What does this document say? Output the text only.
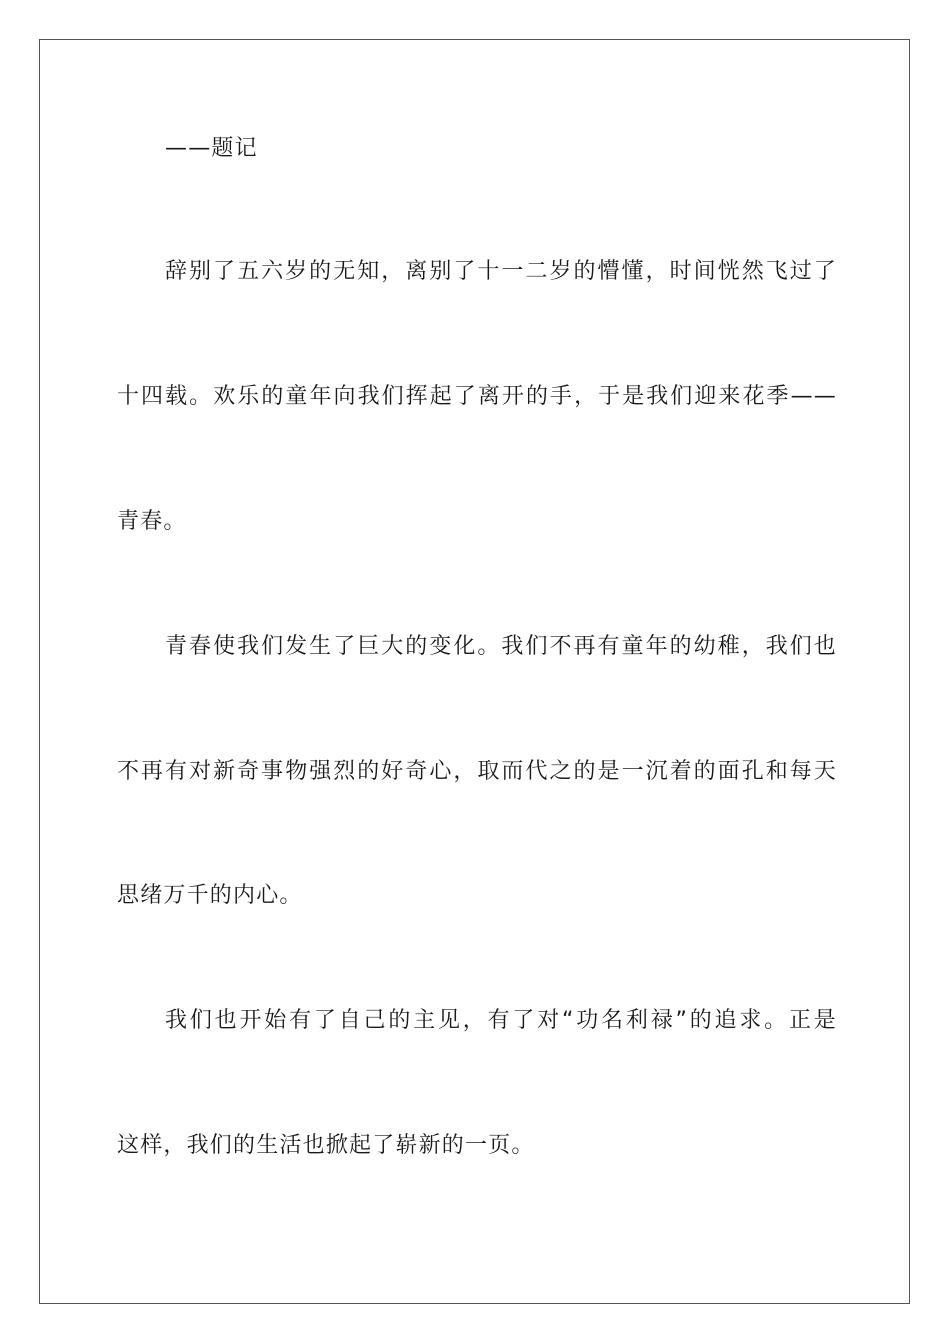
——题记
辞别了五六岁的无知，离别了十一二岁的懵懂，时间恍然飞过了
十四载。欢乐的童年向我们挥起了离开的手，于是我们迎来花季——
青春。
青春使我们发生了巨大的变化。我们不再有童年的幼稚，我们也
不再有对新奇事物强烈的好奇心，取而代之的是一沉着的面孔和每天
思绪万千的内心。
我们也开始有了自己的主见，有了对“功名利禄”的追求。正是
这样，我们的生活也掀起了崭新的一页。
